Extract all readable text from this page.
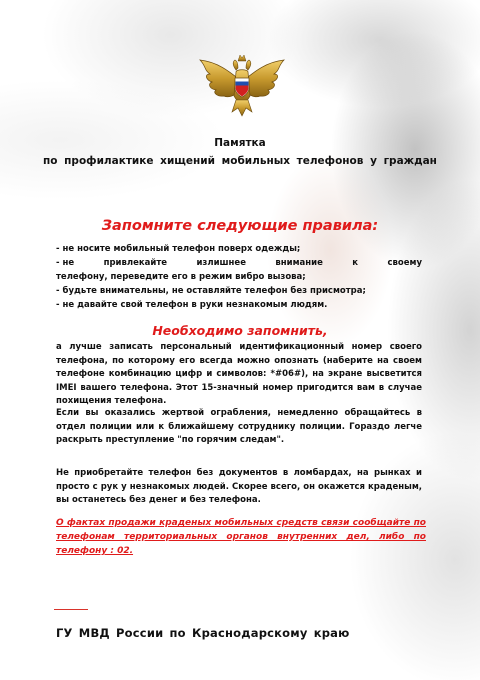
Памятка
по профилактике хищений мобильных телефонов у граждан
Запомните следующие правила:
- не носите мобильный телефон поверх одежды;
- не привлекайте излишнее внимание к своему
телефону, переведите его в режим вибро вызова;
- будьте внимательны, не оставляйте телефон без присмотра;
- не давайте свой телефон в руки незнакомым людям.
Необходимо запомнить,
а лучше записать персональный идентификационный номер своего телефона, по которому его всегда можно опознать (наберите на своем телефоне комбинацию цифр и символов: *#06#), на экране высветится IMEI вашего телефона. Этот 15-значный номер пригодится вам в случае похищения телефона.
Если вы оказались жертвой ограбления, немедленно обращайтесь в отдел полиции или к ближайшему сотруднику полиции. Гораздо легче раскрыть преступление "по горячим следам".
Не приобретайте телефон без документов в ломбардах, на рынках и просто с рук у незнакомых людей. Скорее всего, он окажется краденым, вы останетесь без денег и без телефона.
О фактах продажи краденых мобильных средств связи сообщайте по телефонам территориальных органов внутренних дел, либо по телефону : 02.
ГУ МВД России по Краснодарскому краю
